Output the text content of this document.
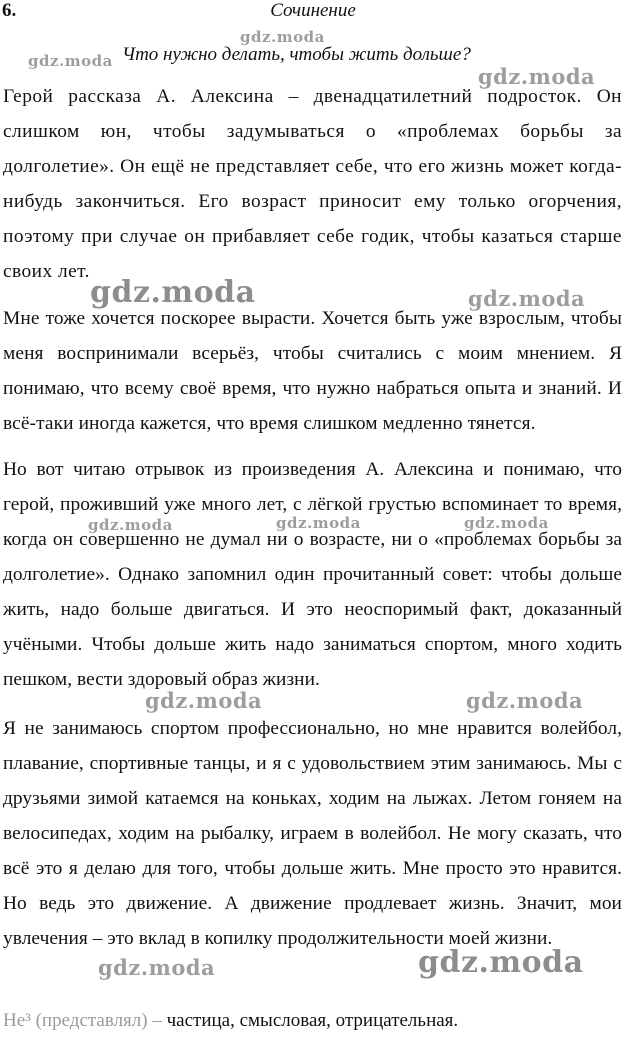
6.	Сочинение
Что нужно делать, чтобы жить дольше?

Герой рассказа А. Алексина – двенадцатилетний подросток. Он слишком юн, чтобы задумываться о «проблемах борьбы за долголетие». Он ещё не представляет себе, что его жизнь может когда-нибудь закончиться. Его возраст приносит ему только огорчения, поэтому при случае он прибавляет себе годик, чтобы казаться старше своих лет.

Мне тоже хочется поскорее вырасти. Хочется быть уже взрослым, чтобы меня воспринимали всерьёз, чтобы считались с моим мнением. Я понимаю, что всему своё время, что нужно набраться опыта и знаний. И всё-таки иногда кажется, что время слишком медленно тянется.

Но вот читаю отрывок из произведения А. Алексина и понимаю, что герой, проживший уже много лет, с лёгкой грустью вспоминает то время, когда он совершенно не думал ни о возрасте, ни о «проблемах борьбы за долголетие». Однако запомнил один прочитанный совет: чтобы дольше жить, надо больше двигаться. И это неоспоримый факт, доказанный учёными. Чтобы дольше жить надо заниматься спортом, много ходить пешком, вести здоровый образ жизни.

Я не занимаюсь спортом профессионально, но мне нравится волейбол, плавание, спортивные танцы, и я с удовольствием этим занимаюсь. Мы с друзьями зимой катаемся на коньках, ходим на лыжах. Летом гоняем на велосипедах, ходим на рыбалку, играем в волейбол. Не могу сказать, что всё это я делаю для того, чтобы дольше жить. Мне просто это нравится. Но ведь это движение. А движение продлевает жизнь. Значит, мои увлечения – это вклад в копилку продолжительности моей жизни.

Не³ (представлял) – частица, смысловая, отрицательная.
gdz.moda
gdz.moda
gdz.moda
gdz.moda	gdz.moda
gdz.moda	gdz.moda	gdz.moda
gdz.moda	gdz.moda
gdz.moda	gdz.moda
